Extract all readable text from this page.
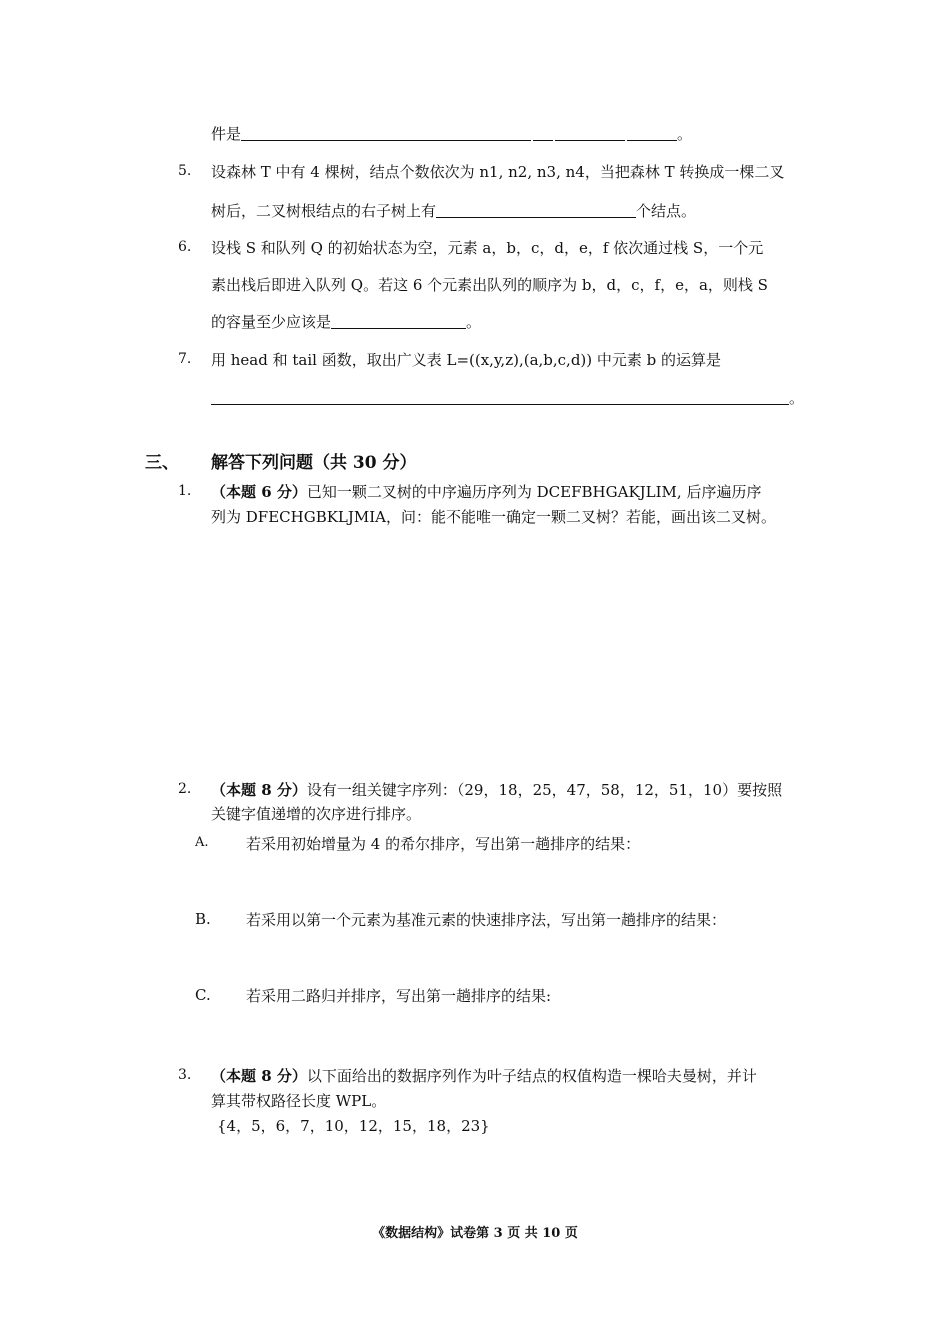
件是	。
5. 设森林 T 中有 4 棵树，结点个数依次为 n1, n2, n3, n4，当把森林 T 转换成一棵二叉
树后，二叉树根结点的右子树上有	个结点。
6. 设栈 S 和队列 Q 的初始状态为空，元素 a，b，c，d，e，f 依次通过栈 S，一个元
素出栈后即进入队列 Q。若这 6 个元素出队列的顺序为 b，d，c，f，e，a，则栈 S
的容量至少应该是	。
7. 用 head 和 tail 函数，取出广义表 L=((x,y,z),(a,b,c,d)) 中元素 b 的运算是
。
三、 解答下列问题（共 30 分）
1. （本题 6 分）已知一颗二叉树的中序遍历序列为 DCEFBHGAKJLIM, 后序遍历序
列为 DFECHGBKLJMIA，问：能不能唯一确定一颗二叉树？若能，画出该二叉树。
2. （本题 8 分）设有一组关键字序列：（29，18，25，47，58，12，51，10）要按照
关键字值递增的次序进行排序。
A. 若采用初始增量为 4 的希尔排序，写出第一趟排序的结果：
B. 若采用以第一个元素为基准元素的快速排序法，写出第一趟排序的结果：
C. 若采用二路归并排序，写出第一趟排序的结果:
3. （本题 8 分）以下面给出的数据序列作为叶子结点的权值构造一棵哈夫曼树，并计
算其带权路径长度 WPL。
{4，5，6，7，10，12，15，18，23}
《数据结构》试卷第 3 页 共 10 页
